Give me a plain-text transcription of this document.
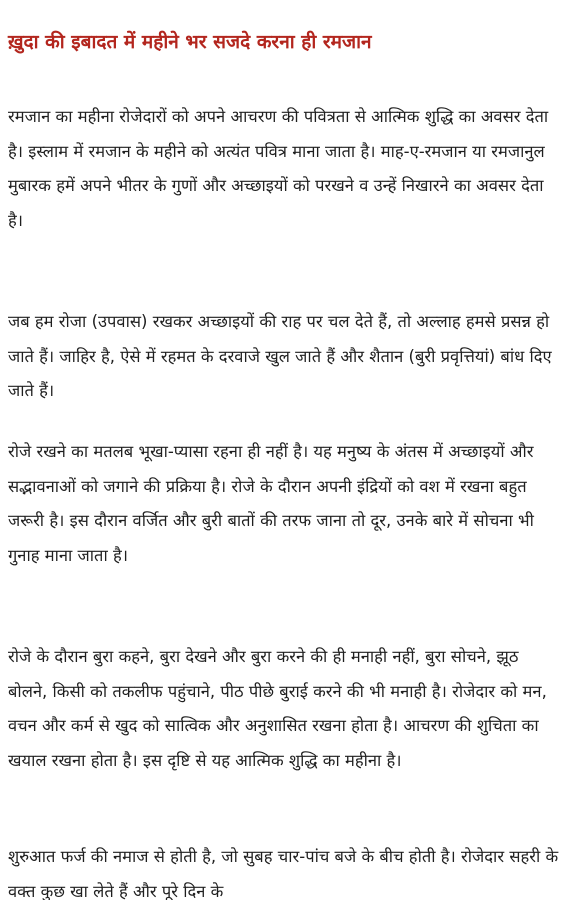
ख़ुदा की इबादत में महीने भर सजदे करना ही रमजान

रमजान का महीना रोजेदारों को अपने आचरण की पवित्रता से आत्मिक शुद्धि का अवसर देता है। इस्लाम में रमजान के महीने को अत्यंत पवित्र माना जाता है। माह-ए-रमजान या रमजानुल मुबारक हमें अपने भीतर के गुणों और अच्छाइयों को परखने व उन्हें निखारने का अवसर देता है।

जब हम रोजा (उपवास) रखकर अच्छाइयों की राह पर चल देते हैं, तो अल्लाह हमसे प्रसन्न हो जाते हैं। जाहिर है, ऐसे में रहमत के दरवाजे खुल जाते हैं और शैतान (बुरी प्रवृत्तियां) बांध दिए जाते हैं।

रोजे रखने का मतलब भूखा-प्यासा रहना ही नहीं है। यह मनुष्य के अंतस में अच्छाइयों और सद्भावनाओं को जगाने की प्रक्रिया है। रोजे के दौरान अपनी इंद्रियों को वश में रखना बहुत जरूरी है। इस दौरान वर्जित और बुरी बातों की तरफ जाना तो दूर, उनके बारे में सोचना भी गुनाह माना जाता है।

रोजे के दौरान बुरा कहने, बुरा देखने और बुरा करने की ही मनाही नहीं, बुरा सोचने, झूठ बोलने, किसी को तकलीफ पहुंचाने, पीठ पीछे बुराई करने की भी मनाही है। रोजेदार को मन, वचन और कर्म से खुद को सात्विक और अनुशासित रखना होता है। आचरण की शुचिता का खयाल रखना होता है। इस दृष्टि से यह आत्मिक शुद्धि का महीना है।

शुरुआत फर्ज की नमाज से होती है, जो सुबह चार-पांच बजे के बीच होती है। रोजेदार सहरी के वक्त कुछ खा लेते हैं और पूरे दिन के
